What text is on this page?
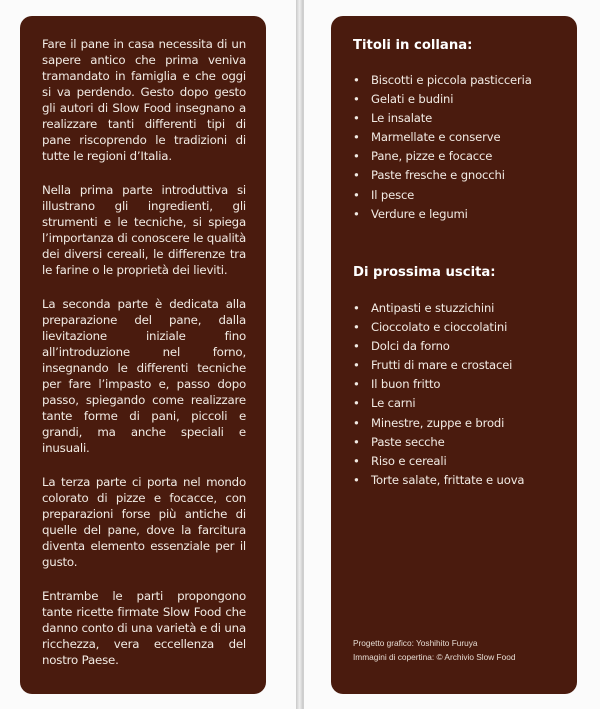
Fare il pane in casa necessita di un sapere antico che prima veniva tramandato in famiglia e che oggi si va perdendo. Gesto dopo gesto gli autori di Slow Food insegnano a realizzare tanti differenti tipi di pane riscoprendo le tradizioni di tutte le regioni d’Italia.

Nella prima parte introduttiva si illustrano gli ingredienti, gli strumenti e le tecniche, si spiega l’importanza di conoscere le qualità dei diversi cereali, le differenze tra le farine o le proprietà dei lieviti.

La seconda parte è dedicata alla preparazione del pane, dalla lievitazione iniziale fino all’introduzione nel forno, insegnando le differenti tecniche per fare l’impasto e, passo dopo passo, spiegando come realizzare tante forme di pani, piccoli e grandi, ma anche speciali e inusuali.

La terza parte ci porta nel mondo colorato di pizze e focacce, con preparazioni forse più antiche di quelle del pane, dove la farcitura diventa elemento essenziale per il gusto.

Entrambe le parti propongono tante ricette firmate Slow Food che danno conto di una varietà e di una ricchezza, vera eccellenza del nostro Paese.

Titoli in collana:
• Biscotti e piccola pasticceria
• Gelati e budini
• Le insalate
• Marmellate e conserve
• Pane, pizze e focacce
• Paste fresche e gnocchi
• Il pesce
• Verdure e legumi
Di prossima uscita:
• Antipasti e stuzzichini
• Cioccolato e cioccolatini
• Dolci da forno
• Frutti di mare e crostacei
• Il buon fritto
• Le carni
• Minestre, zuppe e brodi
• Paste secche
• Riso e cereali
• Torte salate, frittate e uova
Progetto grafico: Yoshihito Furuya
Immagini di copertina: © Archivio Slow Food
